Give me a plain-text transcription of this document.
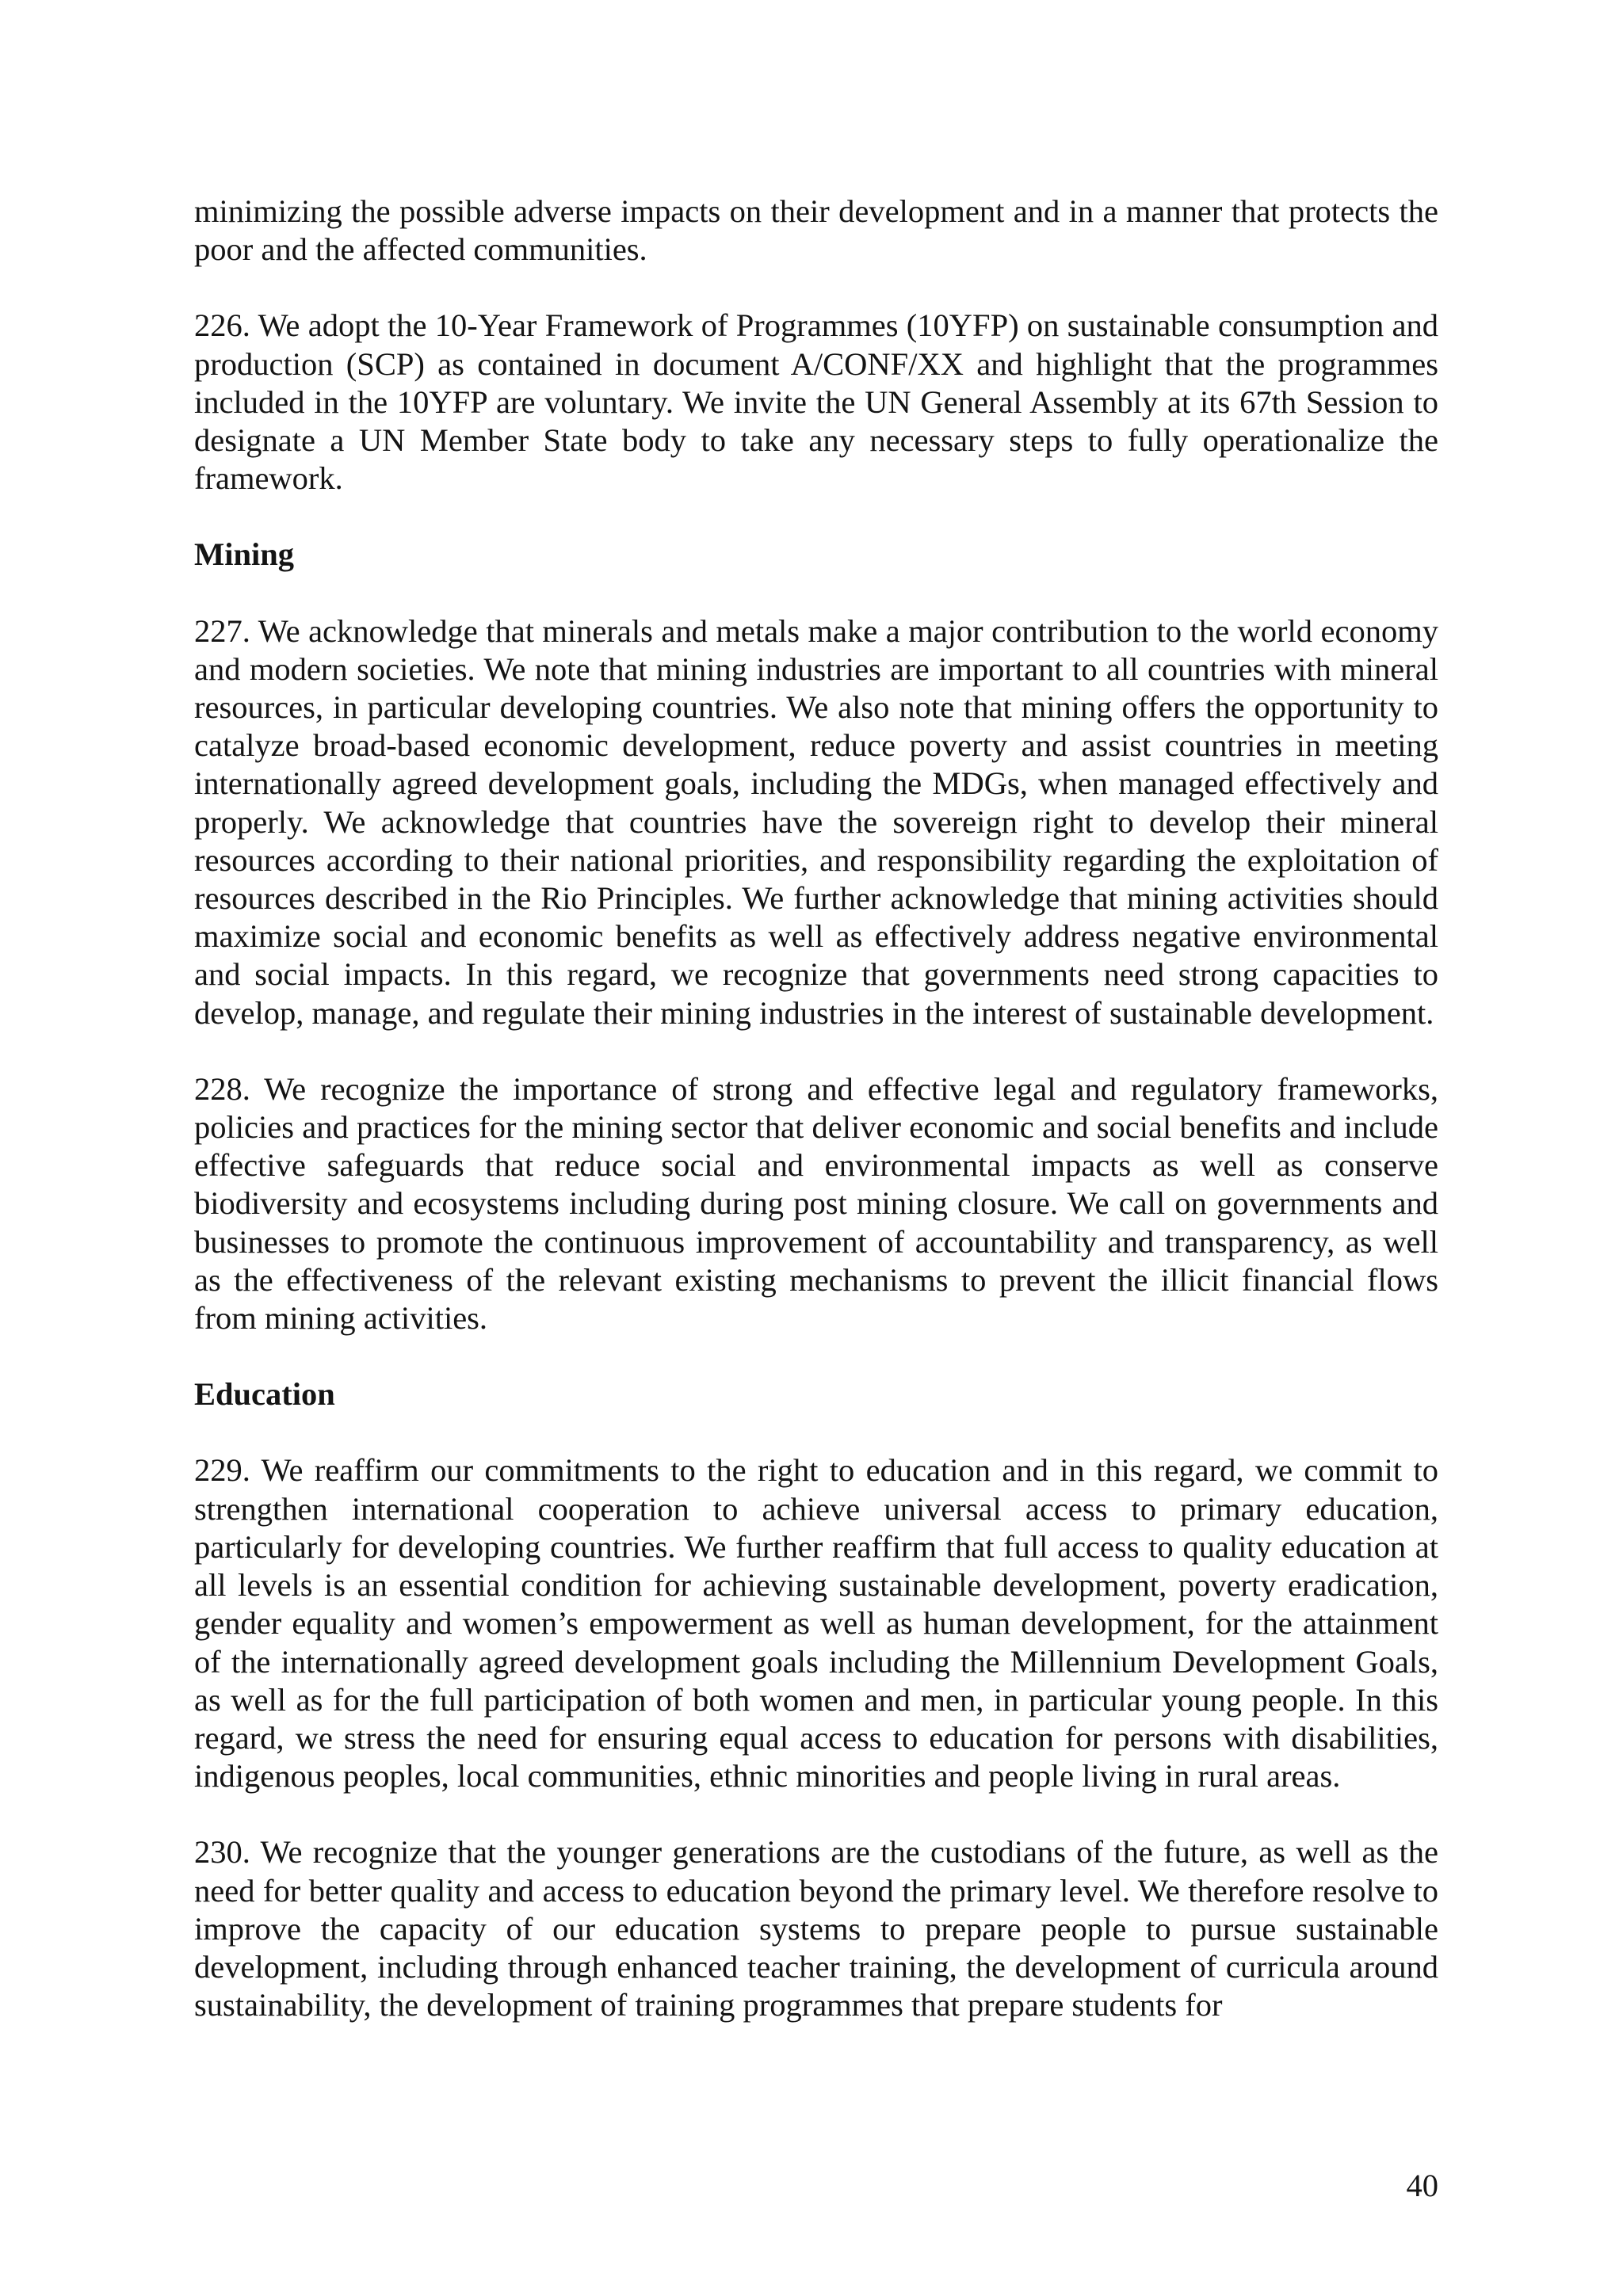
minimizing the possible adverse impacts on their development and in a manner that protects the poor and the affected communities.

226. We adopt the 10-Year Framework of Programmes (10YFP) on sustainable consumption and production (SCP) as contained in document A/CONF/XX and highlight that the programmes included in the 10YFP are voluntary. We invite the UN General Assembly at its 67th Session to designate a UN Member State body to take any necessary steps to fully operationalize the framework.

Mining

227. We acknowledge that minerals and metals make a major contribution to the world economy and modern societies. We note that mining industries are important to all countries with mineral resources, in particular developing countries. We also note that mining offers the opportunity to catalyze broad-based economic development, reduce poverty and assist countries in meeting internationally agreed development goals, including the MDGs, when managed effectively and properly. We acknowledge that countries have the sovereign right to develop their mineral resources according to their national priorities, and responsibility regarding the exploitation of resources described in the Rio Principles. We further acknowledge that mining activities should maximize social and economic benefits as well as effectively address negative environmental and social impacts. In this regard, we recognize that governments need strong capacities to develop, manage, and regulate their mining industries in the interest of sustainable development.

228. We recognize the importance of strong and effective legal and regulatory frameworks, policies and practices for the mining sector that deliver economic and social benefits and include effective safeguards that reduce social and environmental impacts as well as conserve biodiversity and ecosystems including during post mining closure. We call on governments and businesses to promote the continuous improvement of accountability and transparency, as well as the effectiveness of the relevant existing mechanisms to prevent the illicit financial flows from mining activities.

Education

229. We reaffirm our commitments to the right to education and in this regard, we commit to strengthen international cooperation to achieve universal access to primary education, particularly for developing countries. We further reaffirm that full access to quality education at all levels is an essential condition for achieving sustainable development, poverty eradication, gender equality and women’s empowerment as well as human development, for the attainment of the internationally agreed development goals including the Millennium Development Goals, as well as for the full participation of both women and men, in particular young people. In this regard, we stress the need for ensuring equal access to education for persons with disabilities, indigenous peoples, local communities, ethnic minorities and people living in rural areas.

230. We recognize that the younger generations are the custodians of the future, as well as the need for better quality and access to education beyond the primary level. We therefore resolve to improve the capacity of our education systems to prepare people to pursue sustainable development, including through enhanced teacher training, the development of curricula around sustainability, the development of training programmes that prepare students for

40
